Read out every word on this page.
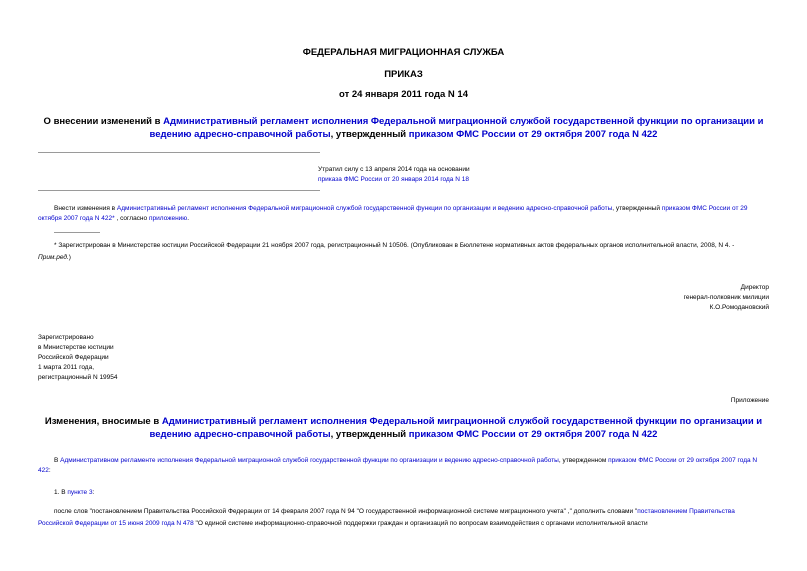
ФЕДЕРАЛЬНАЯ МИГРАЦИОННАЯ СЛУЖБА
ПРИКАЗ
от 24 января 2011 года N 14
О внесении изменений в Административный регламент исполнения Федеральной миграционной службой государственной функции по организации и ведению адресно-справочной работы, утвержденный приказом ФМС России от 29 октября 2007 года N 422
Утратил силу с 13 апреля 2014 года на основании
приказа ФМС России от 20 января 2014 года N 18
Внести изменения в Административный регламент исполнения Федеральной миграционной службой государственной функции по организации и ведению адресно-справочной работы, утвержденный приказом ФМС России от 29 октября 2007 года N 422* , согласно приложению.
* Зарегистрирован в Министерстве юстиции Российской Федерации 21 ноября 2007 года, регистрационный N 10506. (Опубликован в Бюллетене нормативных актов федеральных органов исполнительной власти, 2008, N 4. - Прим.ред.)
Директор
генерал-полковник милиции
К.О.Ромодановский
Зарегистрировано
в Министерстве юстиции
Российской Федерации
1 марта 2011 года,
регистрационный N 19954
Приложение
Изменения, вносимые в Административный регламент исполнения Федеральной миграционной службой государственной функции по организации и ведению адресно-справочной работы, утвержденный приказом ФМС России от 29 октября 2007 года N 422
В Административном регламенте исполнения Федеральной миграционной службой государственной функции по организации и ведению адресно-справочной работы, утвержденном приказом ФМС России от 29 октября 2007 года N 422:
1. В пункте 3:
после слов "постановлением Правительства Российской Федерации от 14 февраля 2007 года N 94 "О государственной информационной системе миграционного учета" ," дополнить словами "постановлением Правительства Российской Федерации от 15 июня 2009 года N 478 "О единой системе информационно-справочной поддержки граждан и организаций по вопросам взаимодействия с органами исполнительной власти
